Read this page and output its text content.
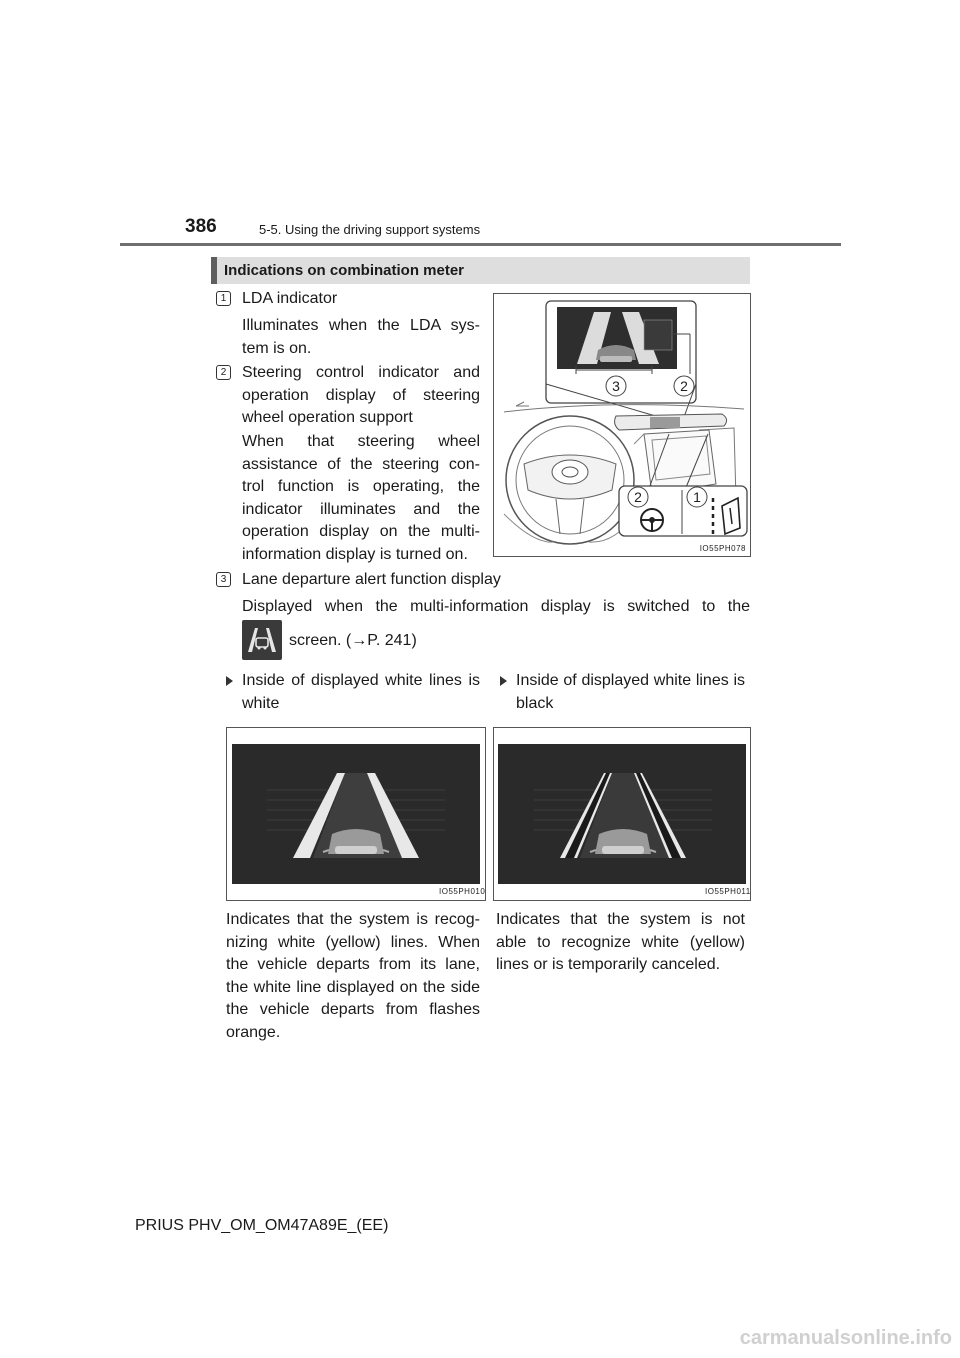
386	5-5. Using the driving support systems
Indications on combination meter
1 LDA indicator
Illuminates when the LDA sys-tem is on.
2 Steering control indicator and operation display of steering wheel operation support
When that steering wheel assistance of the steering con-trol function is operating, the indicator illuminates and the operation display on the multi-information display is turned on.
3	2
2	1
IO55PH078
3 Lane departure alert function display
Displayed when the multi-information display is switched to the
screen. (→P. 241)
Inside of displayed white lines is white
Inside of displayed white lines is black
IO55PH010	IO55PH011
Indicates that the system is recog-nizing white (yellow) lines. When the vehicle departs from its lane, the white line displayed on the side the vehicle departs from flashes orange.
Indicates that the system is not able to recognize white (yellow) lines or is temporarily canceled.
PRIUS PHV_OM_OM47A89E_(EE)
carmanualsonline.info
